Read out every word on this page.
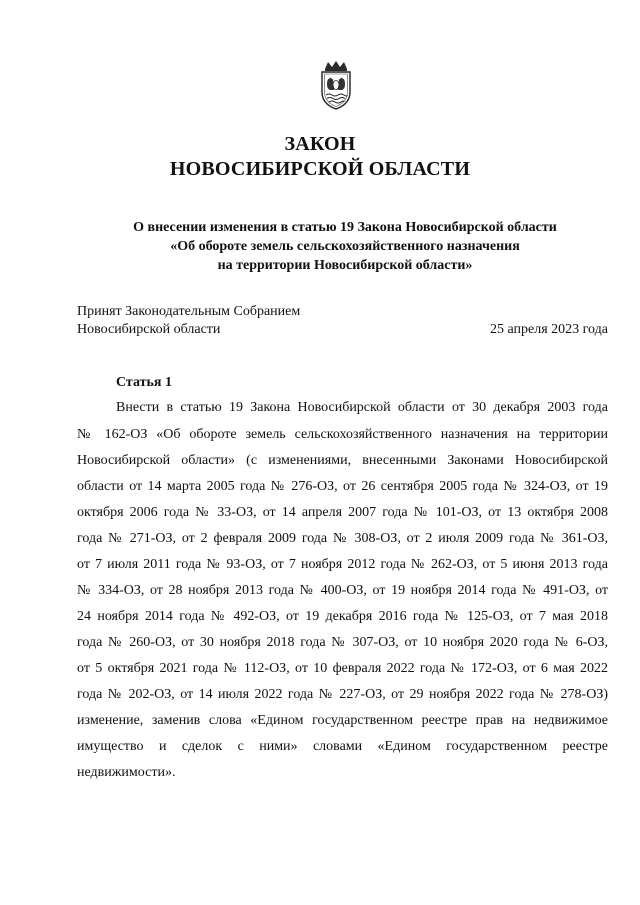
ЗАКОН
НОВОСИБИРСКОЙ ОБЛАСТИ
О внесении изменения в статью 19 Закона Новосибирской области
«Об обороте земель сельскохозяйственного назначения
на территории Новосибирской области»
Принят Законодательным Собранием
Новосибирской области	25 апреля 2023 года
Статья 1
Внести в статью 19 Закона Новосибирской области от 30 декабря 2003 года
№ 162-ОЗ «Об обороте земель сельскохозяйственного назначения на территории
Новосибирской области» (с изменениями, внесенными Законами Новосибирской
области от 14 марта 2005 года № 276-ОЗ, от 26 сентября 2005 года № 324-ОЗ, от 19
октября 2006 года № 33-ОЗ, от 14 апреля 2007 года № 101-ОЗ, от 13 октября 2008
года № 271-ОЗ, от 2 февраля 2009 года № 308-ОЗ, от 2 июля 2009 года № 361-ОЗ,
от 7 июля 2011 года № 93-ОЗ, от 7 ноября 2012 года № 262-ОЗ, от 5 июня 2013 года
№ 334-ОЗ, от 28 ноября 2013 года № 400-ОЗ, от 19 ноября 2014 года № 491-ОЗ, от
24 ноября 2014 года № 492-ОЗ, от 19 декабря 2016 года № 125-ОЗ, от 7 мая 2018
года № 260-ОЗ, от 30 ноября 2018 года № 307-ОЗ, от 10 ноября 2020 года № 6-ОЗ,
от 5 октября 2021 года № 112-ОЗ, от 10 февраля 2022 года № 172-ОЗ, от 6 мая 2022
года № 202-ОЗ, от 14 июля 2022 года № 227-ОЗ, от 29 ноября 2022 года № 278-ОЗ)
изменение, заменив слова «Едином государственном реестре прав на недвижимое
имущество и сделок с ними» словами «Едином государственном реестре
недвижимости».
